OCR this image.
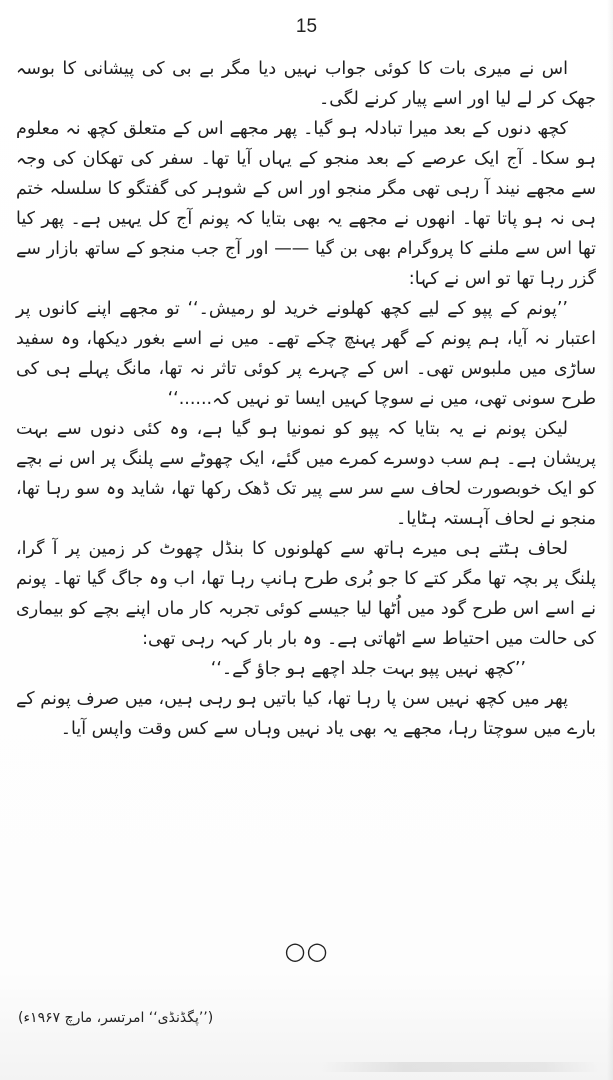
15

اس نے میری بات کا کوئی جواب نہیں دیا مگر بے بی کی پیشانی کا بوسہ جھک کر لے لیا اور اسے پیار کرنے لگی۔

کچھ دنوں کے بعد میرا تبادلہ ہو گیا۔ پھر مجھے اس کے متعلق کچھ نہ معلوم ہو سکا۔ آج ایک عرصے کے بعد منجو کے یہاں آیا تھا۔ سفر کی تھکان کی وجہ سے مجھے نیند آ رہی تھی مگر منجو اور اس کے شوہر کی گفتگو کا سلسلہ ختم ہی نہ ہو پاتا تھا۔ انھوں نے مجھے یہ بھی بتایا کہ پونم آج کل یہیں ہے۔ پھر کیا تھا اس سے ملنے کا پروگرام بھی بن گیا —— اور آج جب منجو کے ساتھ بازار سے گزر رہا تھا تو اس نے کہا:

’’پونم کے پپو کے لیے کچھ کھلونے خرید لو رمیش۔‘‘ تو مجھے اپنے کانوں پر اعتبار نہ آیا، ہم پونم کے گھر پہنچ چکے تھے۔ میں نے اسے بغور دیکھا، وہ سفید ساڑی میں ملبوس تھی۔ اس کے چہرے پر کوئی تاثر نہ تھا، مانگ پہلے ہی کی طرح سونی تھی، میں نے سوچا کہیں ایسا تو نہیں کہ......‘‘

لیکن پونم نے یہ بتایا کہ پپو کو نمونیا ہو گیا ہے، وہ کئی دنوں سے بہت پریشان ہے۔ ہم سب دوسرے کمرے میں گئے، ایک چھوٹے سے پلنگ پر اس نے بچے کو ایک خوبصورت لحاف سے سر سے پیر تک ڈھک رکھا تھا، شاید وہ سو رہا تھا، منجو نے لحاف آہستہ ہٹایا۔

لحاف ہٹتے ہی میرے ہاتھ سے کھلونوں کا بنڈل چھوٹ کر زمین پر آ گرا، پلنگ پر بچہ تھا مگر کتے کا جو بُری طرح ہانپ رہا تھا، اب وہ جاگ گیا تھا۔ پونم نے اسے اس طرح گود میں اُٹھا لیا جیسے کوئی تجربہ کار ماں اپنے بچے کو بیماری کی حالت میں احتیاط سے اٹھاتی ہے۔ وہ بار بار کہہ رہی تھی:

’’کچھ نہیں پپو بہت جلد اچھے ہو جاؤ گے۔‘‘

پھر میں کچھ نہیں سن پا رہا تھا، کیا باتیں ہو رہی ہیں، میں صرف پونم کے بارے میں سوچتا رہا، مجھے یہ بھی یاد نہیں وہاں سے کس وقت واپس آیا۔

○○
(’’پگڈنڈی‘‘ امرتسر، مارچ ۱۹۶۷ء)
